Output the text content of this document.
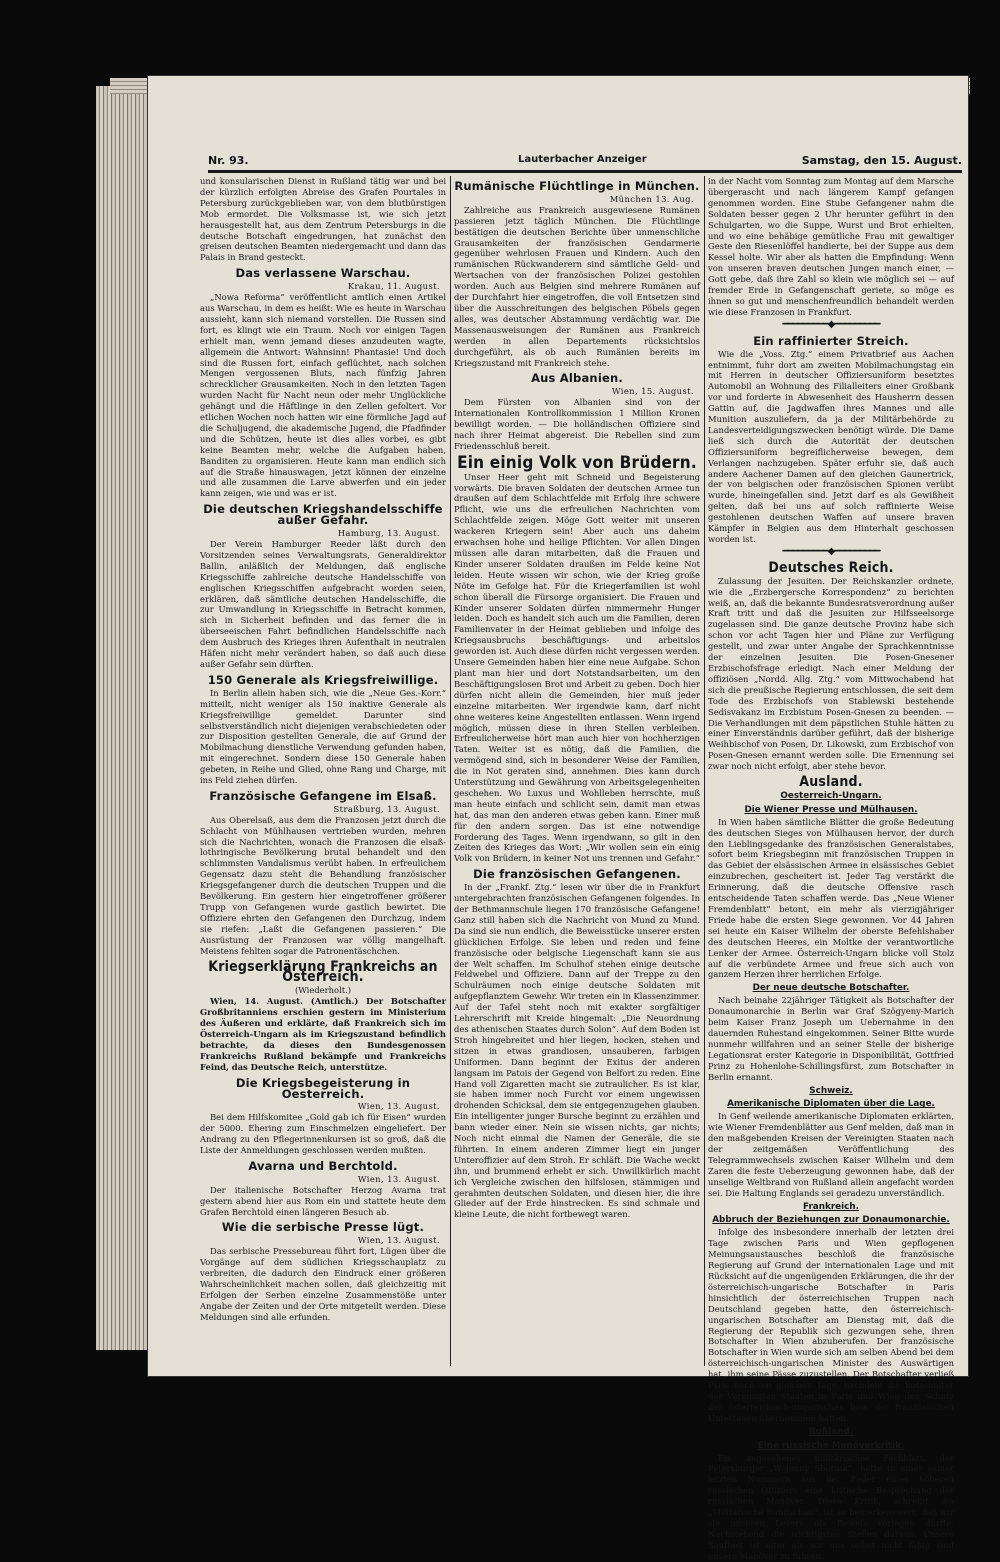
Nr. 93.	Lauterbacher Anzeiger	Samstag, den 15. August.

und konsularischen Dienst in Rußland tätig war und bei der kürzlich erfolgten Abreise des Grafen Pourtales in Petersburg zurückgeblieben war, von dem blutbürstigen Mob ermordet. Die Volksmasse ist, wie sich jetzt herausgestellt hat, aus dem Zentrum Petersburgs in die deutsche Botschaft eingedrungen, hat zunächst den greisen deutschen Beamten niedergemacht und dann das Palais in Brand gesteckt.

Das verlassene Warschau.
Krakau, 11. August.

„Nowa Reforma“ veröffentlicht amtlich einen Artikel aus Warschau, in dem es heißt: Wie es heute in Warschau aussieht, kann sich niemand vorstellen. Die Russen sind fort, es klingt wie ein Traum. Noch vor einigen Tagen erhielt man, wenn jemand dieses anzudeuten wagte, allgemein die Antwort: Wahnsinn! Phantasie! Und doch sind die Russen fort, einfach geflüchtet, nach solchen Mengen vergossenen Bluts, nach fünfzig Jahren schrecklicher Grausamkeiten. Noch in den letzten Tagen wurden Nacht für Nacht neun oder mehr Unglückliche gehängt und die Häftlinge in den Zellen gefoltert. Vor etlichen Wochen noch hatten wir eine förmliche Jagd auf die Schuljugend, die akademische Jugend, die Pfadfinder und die Schützen, heute ist dies alles vorbei, es gibt keine Beamten mehr, welche die Aufgaben haben, Banditen zu organisieren. Heute kann man endlich sich auf die Straße hinauswagen, jetzt können der einzelne und alle zusammen die Larve abwerfen und ein jeder kann zeigen, wie und was er ist.

Die deutschen Kriegshandelsschiffe außer Gefahr.
Hamburg, 13. August.

Der Verein Hamburger Reeder läßt durch den Vorsitzenden seines Verwaltungsrats, Generaldirektor Ballin, anläßlich der Meldungen, daß englische Kriegsschiffe zahlreiche deutsche Handelsschiffe von englischen Kriegsschiffen aufgebracht worden seien, erklären, daß sämtliche deutschen Handelsschiffe, die zur Umwandlung in Kriegsschiffe in Betracht kommen, sich in Sicherheit befinden und das ferner die in überseeischen Fahrt befindlichen Handelsschiffe nach dem Ausbruch des Krieges ihren Aufenthalt in neutralen Häfen nicht mehr verändert haben, so daß auch diese außer Gefahr sein dürften.

150 Generale als Kriegsfreiwillige.

In Berlin allein haben sich, wie die „Neue Ges.-Korr.“ mitteilt, nicht weniger als 150 inaktive Generale als Kriegsfreiwillige gemeldet. Darunter sind selbstverständlich nicht diejenigen verabschiedeten oder zur Disposition gestellten Generale, die auf Grund der Mobilmachung dienstliche Verwendung gefunden haben, mit eingerechnet. Sondern diese 150 Generale haben gebeten, in Reihe und Glied, ohne Rang und Charge, mit ins Feld ziehen dürfen.

Französische Gefangene im Elsaß.
Straßburg, 13. August.

Aus Oberelsaß, aus dem die Franzosen jetzt durch die Schlacht von Mühlhausen vertrieben wurden, mehren sich die Nachrichten, wonach die Franzosen die elsaß-lothringische Bevölkerung brutal behandelt und den schlimmsten Vandalismus verübt haben. In erfreulichem Gegensatz dazu steht die Behandlung französischer Kriegsgefangener durch die deutschen Truppen und die Bevölkerung. Ein gestern hier eingetroffener größerer Trupp von Gefangenen wurde gastlich bewirtet. Die Offiziere ehrten den Gefangenen den Durchzug, indem sie riefen: „Laßt die Gefangenen passieren.“ Die Ausrüstung der Franzosen war völlig mangelhaft. Meistens fehlten sogar die Patronentäschchen.

Kriegserklärung Frankreichs an Österreich.
(Wiederholt.)

Wien, 14. August. (Amtlich.) Der Botschafter Großbritanniens erschien gestern im Ministerium des Äußeren und erklärte, daß Frankreich sich im Österreich-Ungarn als im Kriegszustand befindlich betrachte, da dieses den Bundesgenossen Frankreichs Rußland bekämpfe und Frankreichs Feind, das Deutsche Reich, unterstütze.

Die Kriegsbegeisterung in Oesterreich.
Wien, 13. August.

Bei dem Hilfskomitee „Gold gab ich für Eisen“ wurden der 5000. Ehering zum Einschmelzen eingeliefert. Der Andrang zu den Pflegerinnenkursen ist so groß, daß die Liste der Anmeldungen geschlossen werden mußten.

Avarna und Berchtold.
Wien, 13. August.

Der italienische Botschafter Herzog Avarna trat gestern abend hier aus Rom ein und stattete heute dem Grafen Berchtold einen längeren Besuch ab.

Wie die serbische Presse lügt.
Wien, 13. August.

Das serbische Pressebureau führt fort, Lügen über die Vorgänge auf dem südlichen Kriegsschauplatz zu verbreiten, die dadurch den Eindruck einer größeren Wahrscheinlichkeit machen sollen, daß gleichzeitig mit Erfolgen der Serben einzelne Zusammenstöße unter Angabe der Zeiten und der Orte mitgeteilt werden. Diese Meldungen sind alle erfunden.

Rumänische Flüchtlinge in München.
München 13. Aug.

Zahlreiche aus Frankreich ausgewiesene Rumänen passieren jetzt täglich München. Die Flüchtlinge bestätigen die deutschen Berichte über unmenschliche Grausamkeiten der französischen Gendarmerie gegenüber wehrlosen Frauen und Kindern. Auch den rumänischen Rückwanderern sind sämtliche Geld- und Wertsachen von der französischen Polizei gestohlen worden. Auch aus Belgien sind mehrere Rumänen auf der Durchfahrt hier eingetroffen, die voll Entsetzen sind über die Ausschreitungen des belgischen Pöbels gegen alles, was deutscher Abstammung verdächtig war. Die Massenausweisungen der Rumänen aus Frankreich werden in allen Departements rücksichtslos durchgeführt, als ob auch Rumänien bereits im Kriegszustand mit Frankreich stehe.

Aus Albanien.
Wien, 15. August.

Dem Fürsten von Albanien sind von der Internationalen Kontrollkommission 1 Million Kronen bewilligt worden. — Die holländischen Offiziere sind nach ihrer Heimat abgereist. Die Rebellen sind zum Friedensschluß bereit.

Ein einig Volk von Brüdern.

Unser Heer geht mit Schneid und Begeisterung vorwärts. Die braven Soldaten der deutschen Armee tun draußen auf dem Schlachtfelde mit Erfolg ihre schwere Pflicht, wie uns die erfreulichen Nachrichten vom Schlachtfelde zeigen. Möge Gott weiter mit unseren wackeren Kriegern sein! Aber auch uns daheim erwachsen hohe und heilige Pflichten. Vor allen Dingen müssen alle daran mitarbeiten, daß die Frauen und Kinder unserer Soldaten draußen im Felde keine Not leiden. Heute wissen wir schon, wie der Krieg große Nöte im Gefolge hat. Für die Kriegerfamilien ist wohl schon überall die Fürsorge organisiert. Die Frauen und Kinder unserer Soldaten dürfen nimmermehr Hunger leiden. Doch es handelt sich auch um die Familien, deren Familienvater in der Heimat geblieben und infolge des Kriegsausbruchs beschäftigungs- und arbeitslos geworden ist. Auch diese dürfen nicht vergessen werden. Unsere Gemeinden haben hier eine neue Aufgabe. Schon plant man hier und dort Notstandsarbeiten, um den Beschäftigungslosen Brot und Arbeit zu geben. Doch hier dürfen nicht allein die Gemeinden, hier muß jeder einzelne mitarbeiten. Wer irgendwie kann, darf nicht ohne weiteres keine Angestellten entlassen. Wenn irgend möglich, müssen diese in ihren Stellen verbleiben. Erfreulicherweise hört man auch hier von hochherzigen Taten. Weiter ist es nötig, daß die Familien, die vermögend sind, sich in besonderer Weise der Familien, die in Not geraten sind, annehmen. Dies kann durch Unterstützung und Gewährung von Arbeitsgelegenheiten geschehen. Wo Luxus und Wohlleben herrschte, muß man heute einfach und schlicht sein, damit man etwas hat, das man den anderen etwas geben kann. Einer muß für den andern sorgen. Das ist eine notwendige Forderung des Tages. Wenn irgendwann, so gilt in den Zeiten des Krieges das Wort: „Wir wollen sein ein einig Volk von Brüdern, in keiner Not uns trennen und Gefahr.“

Die französischen Gefangenen.

In der „Frankf. Ztg.“ lesen wir über die in Frankfurt untergebrachten französischen Gefangenen folgendes. In der Bethmannschule liegen 170 französische Gefangene! Ganz still haben sich die Nachricht von Mund zu Mund. Da sind sie nun endlich, die Beweisstücke unserer ersten glücklichen Erfolge. Sie leben und reden und feine französische oder belgische Liegenschaft kann sie aus der Welt schaffen. Im Schulhof stehen einige deutsche Feldwebel und Offiziere. Dann auf der Treppe zu den Schulräumen noch einige deutsche Soldaten mit aufgepflanztem Gewehr. Wir treten ein in Klassenzimmer. Auf der Tafel steht noch mit exakter sorgfältiger Lehrerschrift mit Kreide hingemalt: „Die Neuordnung des athenischen Staates durch Solon“. Auf dem Boden ist Stroh hingebreitet und hier liegen, hocken, stehen und sitzen in etwas grandiosen, unsauberen, farbigen Uniformen. Dann beginnt der Exitus der anderen langsam im Patois der Gegend von Belfort zu reden. Eine Hand voll Zigaretten macht sie zutraulicher. Es ist klar, sie haben immer noch Furcht vor einem ungewissen drohenden Schicksal, dem sie entgegenzugehen glauben. Ein intelligenter junger Bursche beginnt zu erzählen und bann wieder einer. Nein sie wissen nichts, gar nichts; Noch nicht einmal die Namen der Generäle, die sie führten. In einem anderen Zimmer liegt ein junger Unteroffizier auf dem Stroh. Er schläft. Die Wache weckt ihn, und brummend erhebt er sich. Unwillkürlich macht ich Vergleiche zwischen den hilfslosen, stämmigen und gerahmten deutschen Soldaten, und diesen hier, die ihre Glieder auf der Erde hinstrecken. Es sind schmale und kleine Leute, die nicht fortbewegt waren.

in der Nacht vom Sonntag zum Montag auf dem Marsche übergerascht und nach längerem Kampf gefangen genommen worden. Eine Stube Gefangener nahm die Soldaten besser gegen 2 Uhr herunter geführt in den Schulgarten, wo die Suppe, Wurst und Brot erhielten, und wo eine behäbige gemütliche Frau mit gewaltiger Geste den Riesenlöffel handierte, bei der Suppe aus dem Kessel holte. Wir aber als hatten die Empfindung: Wenn von unseren braven deutschen Jungen manch einer, — Gott gebe, daß ihre Zahl so klein wie möglich sei — auf fremder Erde in Gefangenschaft geriete, so möge es ihnen so gut und menschenfreundlich behandelt werden wie diese Franzosen in Frankfurt.

━━━━━━━━━◆━━━━━━━━━
Ein raffinierter Streich.

Wie die „Voss. Ztg.“ einem Privatbrief aus Aachen entnimmt, fuhr dort am zweiten Mobilmachungstag ein mit Herren in deutscher Offiziersuniform besetztes Automobil an Wohnung des Filialleiters einer Großbank vor und forderte in Abwesenheit des Hausherrn dessen Gattin auf, die Jagdwaffen ihres Mannes und alle Munition auszuliefern, da ja der Militärbehörde zu Landesverteidigungszwecken benötigt würde. Die Dame ließ sich durch die Autorität der deutschen Offiziersuniform begreiflicherweise bewegen, dem Verlangen nachzugeben. Später erfuhr sie, daß auch andere Aachener Damen auf den gleichen Gaunertrick, der von belgischen oder französischen Spionen verübt wurde, hineingefallen sind. Jetzt darf es als Gewißheit gelten, daß bei uns auf solch raffinierte Weise gestohlenen deutschen Waffen auf unsere braven Kämpfer in Belgien aus dem Hinterhalt geschossen worden ist.

━━━━━━━━━◆━━━━━━━━━
Deutsches Reich.

Zulassung der Jesuiten. Der Reichskanzler ordnete, wie die „Erzbergersche Korrespondenz“ zu berichten weiß, an, daß die bekannte Bundesratsverordnung außer Kraft tritt und daß die Jesuiten zur Hilfsseelsorge zugelassen sind. Die ganze deutsche Provinz habe sich schon vor acht Tagen hier und Pläne zur Verfügung gestellt, und zwar unter Angabe der Sprachkenntnisse der einzelnen Jesuiten. Die Posen-Gnesener Erzbischofsfrage erledigt. Nach einer Meldung der offiziösen „Nordd. Allg. Ztg.“ vom Mittwochabend hat sich die preußische Regierung entschlossen, die seit dem Tode des Erzbischofs von Stablewski bestehende Sedisvakanz im Erzbistum Posen-Gnesen zu beenden. — Die Verhandlungen mit dem päpstlichen Stuhle hätten zu einer Einverständnis darüber geführt, daß der bisherige Weihbischof von Posen, Dr. Likowski, zum Erzbischof von Posen-Gnesen ernannt werden solle. Die Ernennung sei zwar noch nicht erfolgt, aber stehe bevor.

Ausland.
Oesterreich-Ungarn.
Die Wiener Presse und Mülhausen.

In Wien haben sämtliche Blätter die große Bedeutung des deutschen Sieges von Mülhausen hervor, der durch den Lieblingsgedanke des französischen Generalstabes, sofort beim Kriegsbeginn mit französischen Truppen in das Gebiet der elsässischen Armee in elsässisches Gebiet einzubrechen, gescheitert ist. Jeder Tag verstärkt die Erinnerung, daß die deutsche Offensive rasch entscheidende Taten schaffen werde. Das „Neue Wiener Fremdenblatt“ betont, ein mehr als vierzigjähriger Friede habe die ersten Siege gewonnen. Vor 44 Jahren sei heute ein Kaiser Wilhelm der oberste Befehlshaber des deutschen Heeres, ein Moltke der verantwortliche Lenker der Armee. Österreich-Ungarn blicke voll Stolz auf die verbündete Armee und freue sich auch von ganzem Herzen ihrer herrlichen Erfolge.

Der neue deutsche Botschafter.

Nach beinahe 22jähriger Tätigkeit als Botschafter der Donaumonarchie in Berlin war Graf Szögyeny-Marich beim Kaiser Franz Joseph um Uebernahme in den dauernden Ruhestand eingekommen. Seiner Bitte wurde nunmehr willfahren und an seiner Stelle der bisherige Legationsrat erster Kategorie in Disponibilität, Gottfried Prinz zu Hohenlohe-Schillingsfürst, zum Botschafter in Berlin ernannt.

Schweiz.
Amerikanische Diplomaten über die Lage.

In Genf weilende amerikanische Diplomaten erklärten, wie Wiener Fremdenblätter aus Genf melden, daß man in den maßgebenden Kreisen der Vereinigten Staaten nach der zeitgemäßen Veröffentlichung des Telegrammwechsels zwischen Kaiser Wilhelm und dem Zaren die feste Ueberzeugung gewonnen habe, daß der unselige Weltbrand von Rußland allein angefacht worden sei. Die Haltung Englands sei geradezu unverständlich.

Frankreich.
Abbruch der Beziehungen zur Donaumonarchie.

Infolge des insbesondere innerhalb der letzten drei Tage zwischen Paris und Wien gepflogenen Meinungsaustausches beschloß die französische Regierung auf Grund der internationalen Lage und mit Rücksicht auf die ungenügenden Erklärungen, die ihr der österreichisch-ungarische Botschafter in Paris hinsichtlich der österreichischen Truppen nach Deutschland gegeben hatte, den österreichisch-ungarischen Botschafter am Dienstag mit, daß die Regierung der Republik sich gezwungen sehe, ihren Botschafter in Wien abzuberufen. Der französische Botschafter in Wien wurde sich am selben Abend bei dem österreichisch-ungarischen Minister des Auswärtigen hat, ihm seine Pässe zuzustellen. Der Botschafter verließ Paris noch am gleichen Tage, nachdem die Botschafter der Vereinigten Staaten in Paris und Wien den Schutz der österreichisch-ungarischen bzw. der französischen Untertanen übernommen hatten.

Rußland.
Eine russische Manöverkritik.

Ein angesehenes militärisches Fachblatt, der Petersburger „Wojenny Sbornik“, hatte in einer seiner letzten Nummern aus der Feder eines höheren russischen Offiziers eine kritische Besprechung der russischen Manöver. Diese Kritik, schreibt die „Militärische Rundschau“, ist so bemerkenswert, daß wir sie unseren Lesern als Beweis vorlegen dürfte. Nachstehend die wichtigsten Stellen daraus: Unsere Saufheit ist alter als wir uns selbst nicht fähig sind unsere Manöver zu führen.
